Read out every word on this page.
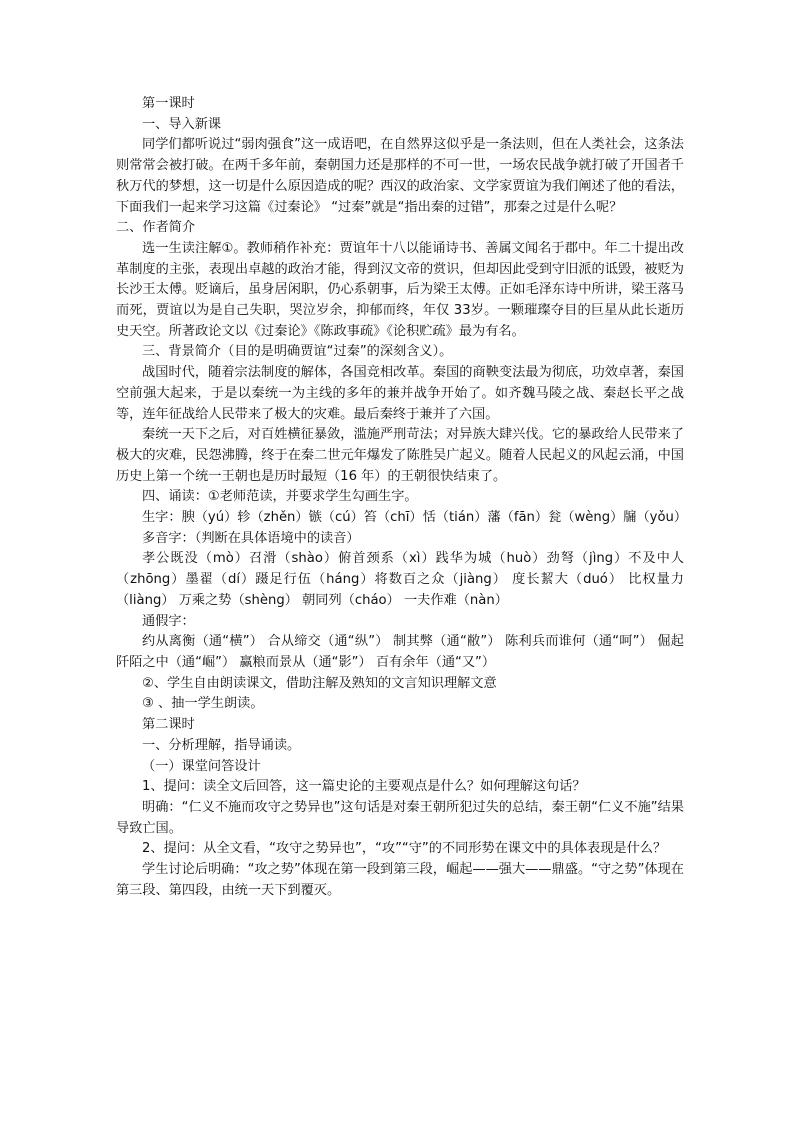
第一课时

一、导入新课

同学们都听说过“弱肉强食”这一成语吧，在自然界这似乎是一条法则，但在人类社会，这条法则常常会被打破。在两千多年前，秦朝国力还是那样的不可一世，一场农民战争就打破了开国者千秋万代的梦想，这一切是什么原因造成的呢？西汉的政治家、文学家贾谊为我们阐述了他的看法，下面我们一起来学习这篇《过秦论》 “过秦”就是“指出秦的过错”，那秦之过是什么呢？

二、作者简介

选一生读注解①。教师稍作补充：贾谊年十八以能诵诗书、善属文闻名于郡中。年二十提出改革制度的主张，表现出卓越的政治才能，得到汉文帝的赏识，但却因此受到守旧派的诋毁，被贬为长沙王太傅。贬谪后，虽身居闲职，仍心系朝事，后为梁王太傅。正如毛泽东诗中所讲，梁王落马而死，贾谊以为是自己失职，哭泣岁余，抑郁而终，年仅 33岁。一颗璀璨夺目的巨星从此长逝历史天空。所著政论文以《过秦论》《陈政事疏》《论积贮疏》最为有名。

三、背景简介（目的是明确贾谊“过秦”的深刻含义）。

战国时代，随着宗法制度的解体，各国竞相改革。秦国的商鞅变法最为彻底，功效卓著，秦国空前强大起来，于是以秦统一为主线的多年的兼并战争开始了。如齐魏马陵之战、秦赵长平之战等，连年征战给人民带来了极大的灾难。最后秦终于兼并了六国。

秦统一天下之后，对百姓横征暴敛，滥施严刑苛法；对异族大肆兴伐。它的暴政给人民带来了极大的灾难，民怨沸腾，终于在秦二世元年爆发了陈胜吴广起义。随着人民起义的风起云涌，中国历史上第一个统一王朝也是历时最短（16 年）的王朝很快结束了。

四、诵读：①老师范读，并要求学生勾画生字。

生字：腴（yú）轸（zhěn）镞（cú）笞（chī）恬（tián）藩（fān）瓮（wèng）牖（yǒu）

多音字：（判断在具体语境中的读音）

孝公既没（mò）召滑（shào）俯首颈系（xì）践华为城（huò）劲弩（jìng）不及中人（zhōng）墨翟（dí）蹑足行伍（háng）将数百之众（jiàng） 度长絜大（duó） 比权量力（liàng） 万乘之势（shèng） 朝同列（cháo） 一夫作难（nàn）

通假字：

约从离衡（通“横”） 合从缔交（通“纵”） 制其弊（通“敝”） 陈利兵而谁何（通“呵”） 倔起阡陌之中（通“崛”） 赢粮而景从（通“影”） 百有余年（通“又”）

②、学生自由朗读课文，借助注解及熟知的文言知识理解文意

③ 、抽一学生朗读。

第二课时

一、分析理解，指导诵读。

（一）课堂问答设计

1、提问：读全文后回答，这一篇史论的主要观点是什么？如何理解这句话？

明确：“仁义不施而攻守之势异也”这句话是对秦王朝所犯过失的总结，秦王朝“仁义不施”结果导致亡国。

2、提问：从全文看，“攻守之势异也”，“攻”“守”的不同形势在课文中的具体表现是什么？

学生讨论后明确：“攻之势”体现在第一段到第三段，崛起——强大——鼎盛。“守之势”体现在第三段、第四段，由统一天下到覆灭。
